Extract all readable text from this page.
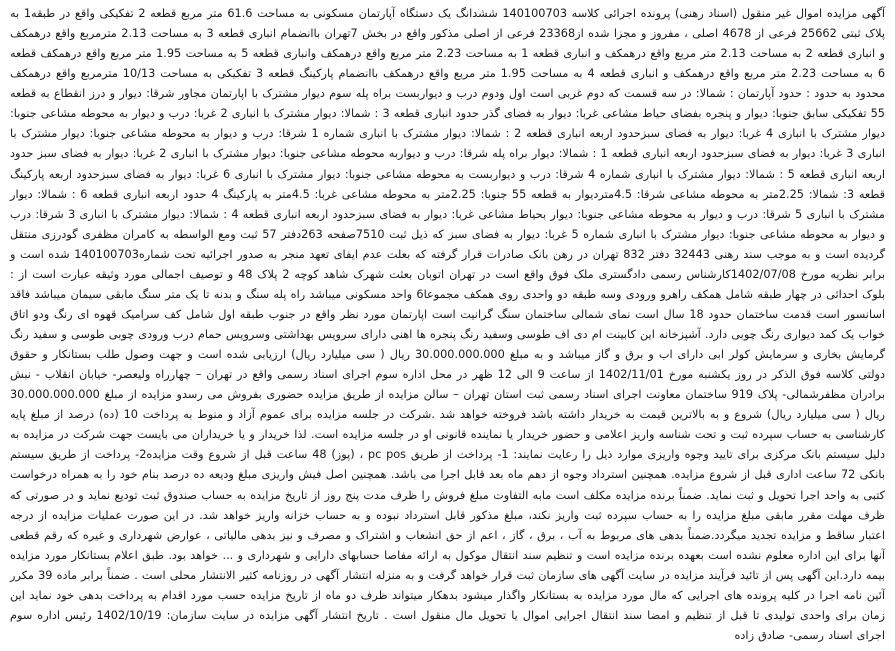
آگهی مزایده اموال غیر منقول (اسناد رهنی) پرونده اجرائی کلاسه 140100703 ششدانگ یک دستگاه آپارتمان مسکونی به مساحت 61.6 متر مربع قطعه 2 تفکیکی واقع در طبقه1 به پلاک ثبتی 25662 فرعی از 4678 اصلی ، مفروز و مجزا شده از23368 فرعی از اصلی مذکور واقع در بخش 7تهران باانضمام انباری قطعه 3 به مساحت 2.13 مترمربع واقع درهمکف و انباری قطعه 2 به مساحت 2.13 متر مربع واقع درهمکف و انباری قطعه 1 به مساحت 2.23 متر مربع واقع درهمکف وانباری قطعه 5 به مساحت 1.95 متر مربع واقع درهمکف قطعه 6 به مساحت 2.23 متر مربع واقع درهمکف و انباری قطعه 4 به مساحت 1.95 متر مربع واقع درهمکف باانضمام پارکینگ قطعه 3 تفکیکی به مساحت 10/13 مترمربع واقع درهمکف محدود به حدود : حدود آپارتمان : شمالا: در سه قسمت که دوم غربی است اول ودوم درب و دیواربست براه پله سوم دیوار مشترک با اپارتمان مجاور شرقا: دیوار و درز انقطاع به قطعه 55 تفکیکی سابق جنوبا: دیوار و پنجره بفضای حیاط مشاعی غربا: دیوار به فضای گذر حدود انباری قطعه 3 : شمالا: دیوار مشترک با انباری 2 غربا: درب و دیوار به محوطه مشاعی جنوبا: دیوار مشترک با انباری 4 غربا: دیوار به فضای سبزحدود اربعه انباری قطعه 2 : شمالا: دیوار مشترک با انباری شماره 1 شرقا: درب و دیوار به محوطه مشاعی جنوبا: دیوار مشترک با انباری 3 غربا: دیوار به فضای سبزحدود اربعه انباری قطعه 1 : شمالا: دیوار براه پله شرقا: درب و دیواربه محوطه مشاعی جنوبا: دیوار مشترک با انباری 2 غربا: دیوار به فضای سبز حدود اربعه انباری قطعه 5 : شمالا: دیوار مشترک با انباری شماره 4 شرقا: درب و دیواربست به محوطه مشاعی جنوبا: دیوار مشترک با انباری 6 غربا: دیوار به فضای سبزحدود اربعه پارکینگ قطعه 3: شمالا: 2.25متر به محوطه مشاعی شرقا: 4.5متردیوار به قطعه 55 جنوبا: 2.25متر به محوطه مشاعی غربا: 4.5متر به پارکینگ 4 حدود اربعه انباری قطعه 6 : شمالا: دیوار مشترک با انباری 5 شرقا: درب و دیوار به محوطه مشاعی جنوبا: دیوار بحیاط مشاعی غربا: دیوار به فضای سبزحدود اربعه انباری قطعه 4 : شمالا: دیوار مشترک با انباری 3 شرقا: درب و دیوار به محوطه مشاعی جنوبا: دیوار مشترک با انباری شماره 5 غربا: دیوار به فضای سبز که ذیل ثبت 7510صفحه 263دفتر 57 ثبت ومع الواسطه به کامران مظفری گودرزی منتقل گردیده است و به موجب سند رهنی 32443 دفتر 832 تهران در رهن بانک صادرات قرار گرفته که بعلت عدم ایفای تعهد منجر به صدور اجرائیه تحت شماره140100703 شده است و برابر نظریه مورخ 1402/07/08کارشناس رسمی دادگستری ملک فوق واقع است در تهران اتوبان بعثت شهرک شاهد کوچه 2 پلاک 48 و توصیف اجمالی مورد وثیقه عبارت است از : بلوک احداثی در چهار طبقه شامل همکف راهرو ورودی وسه طبقه دو واحدی روی همکف مجموعا6 واحد مسکونی میباشد راه پله سنگ و بدنه تا یک متر سنگ مابقی سیمان میباشد فاقد اسانسور است قدمت ساختمان حدود 18 سال است نمای شمالی ساختمان سنگ گرانیت است اپارتمان مورد نظر واقع در جنوب طبقه اول شامل کف سرامیک قهوه ای رنگ ودو اتاق خواب یک کمد دیواری رنگ چوبی دارد. آشپزخانه این کابینت ام دی اف طوسی وسفید رنگ پنجره ها اهنی دارای سرویس بهداشتی وسرویس حمام درب ورودی چوبی طوسی و سفید رنگ گرمایش بخاری و سرمایش کولر ابی دارای اب و برق و گاز میباشد و به مبلغ 30.000.000.000 ریال ( سی میلیارد ریال) ارزیابی شده است و جهت وصول طلب بستانکار و حقوق دولتی کلاسه فوق الذکر در روز یکشنبه مورخ 1402/11/01 از ساعت 9 الی 12 ظهر در محل اداره سوم اجرای اسناد رسمی واقع در تهران – چهارراه ولیعصر- خیابان انقلاب - نبش برادران مظفرشمالی- پلاک 919 ساختمان معاونت اجرای اسناد رسمی ثبت استان تهران – سالن مزایده از طریق مزایده حضوری بفروش می رسدو مزایده از مبلغ 30.000.000.000 ریال ( سی میلیارد ریال) شروع و به بالاترین قیمت به خریدار داشته باشد فروخته خواهد شد .شرکت در جلسه مزایده برای عموم آزاد و منوط به پرداخت 10 (ده) درصد از مبلغ پایه کارشناسی به حساب سپرده ثبت و تحت شناسه واریز اعلامی و حضور خریدار یا نماینده قانونی او در جلسه مزایده است. لذا خریدار و یا خریداران می بایست جهت شرکت در مزایده به دلیل سیستم بانک مرکزی برای تایید وجوه واریزی موارد ذیل را رعایت نمایند: 1- پرداخت از طریق pc pos ، (پوز) 48 ساعت قبل از شروع وقت مزایده2- پرداخت از طریق سیستم بانکی 72 ساعت اداری قبل از شروع مزایده. همچنین استرداد وجوه از دهم ماه بعد قابل اجرا می باشد. همچنین اصل فیش واریزی مبلغ ودیعه ده درصد بنام خود را به همراه درخواست کتبی به واحد اجرا تحویل و ثبت نماید. ضمناً برنده مزایده مکلف است مابه التفاوت مبلغ فروش را ظرف مدت پنج روز از تاریخ مزایده به حساب صندوق ثبت تودیع نماید و در صورتی که ظرف مهلت مقرر مابقی مبلغ مزایده را به حساب سپرده ثبت واریز نکند، مبلغ مذکور قابل استرداد نبوده و به حساب خزانه واریز خواهد شد. در این صورت عملیات مزایده از درجه اعتبار ساقط و مزایده تجدید میگردد.ضمناً بدهی های مربوط به آب ، برق ، گاز ، اعم از حق انشعاب و اشتراک و مصرف و نیز بدهی مالیاتی ، عوارض شهرداری و غیره که رقم قطعی آنها برای این اداره معلوم نشده است بعهده برنده مزایده است و تنظیم سند انتقال موکول به ارائه مفاصا حسابهای دارایی و شهرداری و ... خواهد بود. طبق اعلام بستانکار مورد مزایده بیمه دارد.این آگهی پس از تائید فرآیند مزایده در سایت آگهی های سازمان ثبت قرار خواهد گرفت و به منزله انتشار آگهی در روزنامه کثیر الانتشار محلی است . ضمناً برابر ماده 39 مکرر آئین نامه اجرا در کلیه پرونده های اجرایی که مال مورد مزایده به بستانکار واگذار میشود بدهکار میتواند ظرف دو ماه از تاریخ مزایده حسب مورد اقدام به پرداخت بدهی خود نماید این زمان برای واحدی تولیدی تا قبل از تنظیم و امضا سند انتقال اجرایی اموال یا تحویل مال منقول است . تاریخ انتشار آگهی مزایده در سایت سازمان: 1402/10/19 رئیس اداره سوم اجرای اسناد رسمی- صادق زاده
